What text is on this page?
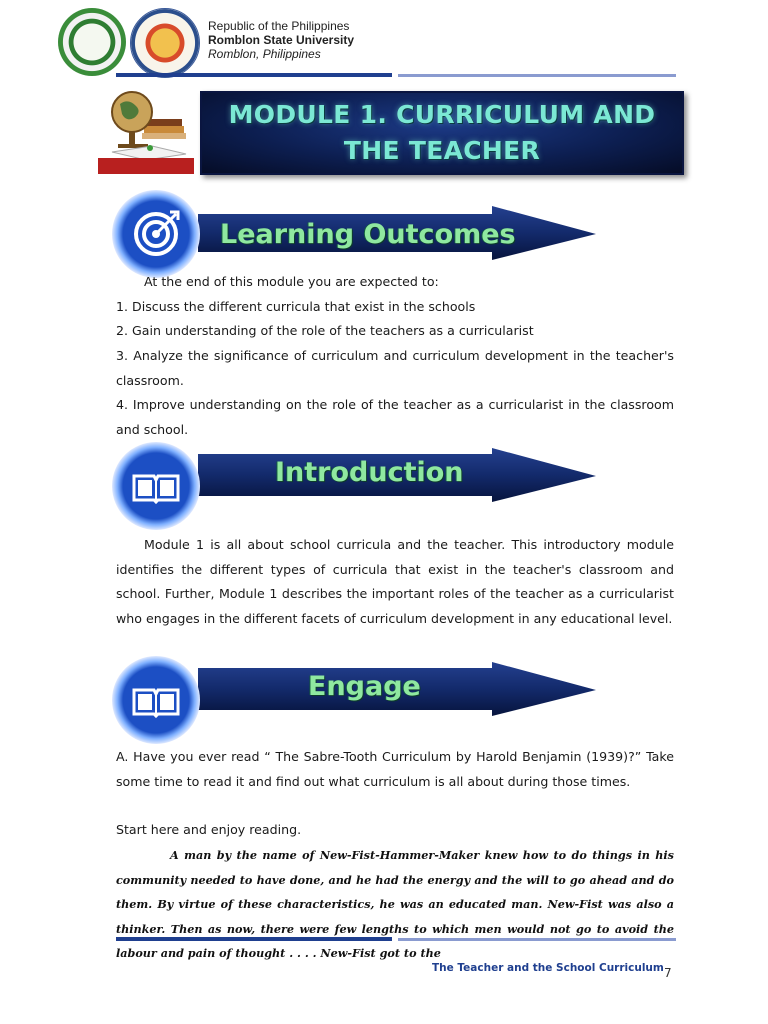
Republic of the Philippines
Romblon State University
Romblon, Philippines
MODULE 1. CURRICULUM AND
THE TEACHER
Learning Outcomes
At the end of this module you are expected to:
1. Discuss the different curricula that exist in the schools
2. Gain understanding of the role of the teachers as a curricularist
3. Analyze the significance of curriculum and curriculum development in the teacher's classroom.
4. Improve understanding on the role of the teacher as a curricularist in the classroom and school.
Introduction
Module 1 is all about school curricula and the teacher. This introductory module identifies the different types of curricula that exist in the teacher's classroom and school. Further, Module 1 describes the important roles of the teacher as a curricularist who engages in the different facets of curriculum development in any educational level.
Engage
A. Have you ever read “ The Sabre-Tooth Curriculum by Harold Benjamin (1939)?” Take some time to read it and find out what curriculum is all about during those times.
Start here and enjoy reading.
A man by the name of New-Fist-Hammer-Maker knew how to do things in his community needed to have done, and he had the energy and the will to go ahead and do them. By virtue of these characteristics, he was an educated man. New-Fist was also a thinker. Then as now, there were few lengths to which men would not go to avoid the labour and pain of thought . . . . New-Fist got to the
The Teacher and the School Curriculum 7
